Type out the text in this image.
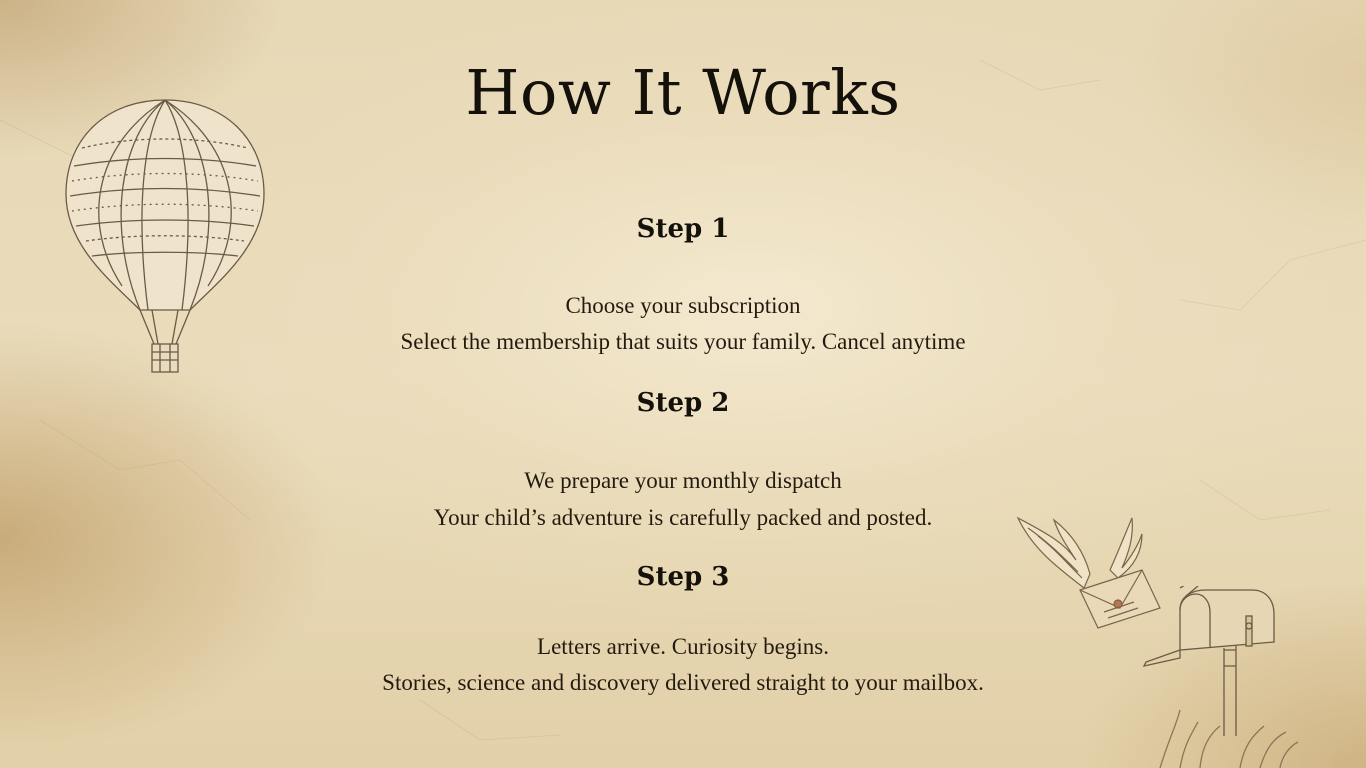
How It Works
Step 1

Choose your subscription

Select the membership that suits your family. Cancel anytime

Step 2

We prepare your monthly dispatch

Your child’s adventure is carefully packed and posted.

Step 3

Letters arrive. Curiosity begins.

Stories, science and discovery delivered straight to your mailbox.
